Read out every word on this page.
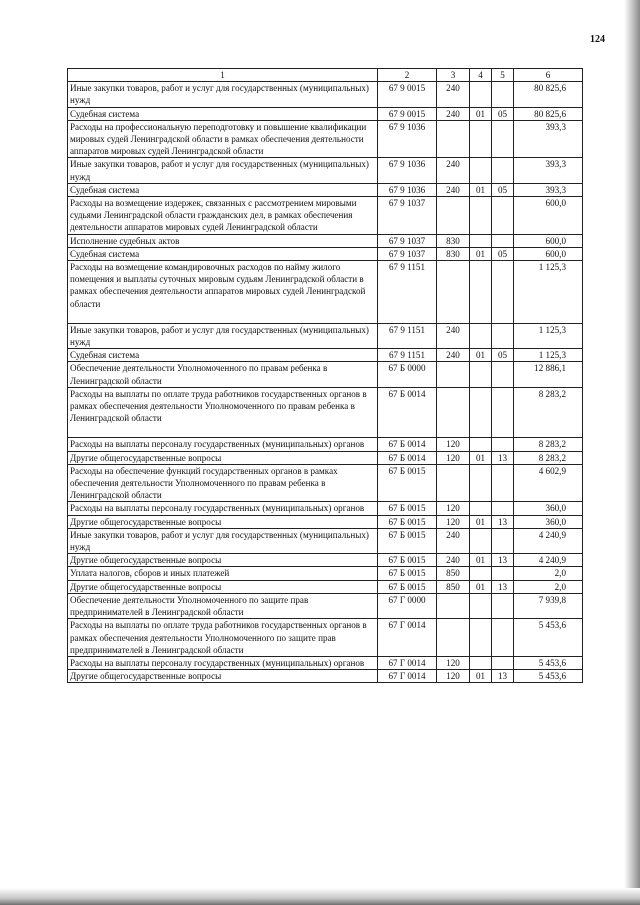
124
1	2	3	4	5	6
Иные закупки товаров, работ и услуг для государственных (муниципальных) нужд	67 9 0015	240			80 825,6
Судебная система	67 9 0015	240	01	05	80 825,6
Расходы на профессиональную переподготовку и повышение квалификации мировых судей Ленинградской области в рамках обеспечения деятельности аппаратов мировых судей Ленинградской области	67 9 1036				393,3
Иные закупки товаров, работ и услуг для государственных (муниципальных) нужд	67 9 1036	240			393,3
Судебная система	67 9 1036	240	01	05	393,3
Расходы на возмещение издержек, связанных с рассмотрением мировыми судьями Ленинградской области гражданских дел, в рамках обеспечения деятельности аппаратов мировых судей Ленинградской области	67 9 1037				600,0
Исполнение судебных актов	67 9 1037	830			600,0
Судебная система	67 9 1037	830	01	05	600,0
Расходы на возмещение командировочных расходов по найму жилого помещения и выплаты суточных мировым судьям Ленинградской области в рамках обеспечения деятельности аппаратов мировых судей Ленинградской области	67 9 1151				1 125,3
Иные закупки товаров, работ и услуг для государственных (муниципальных) нужд	67 9 1151	240			1 125,3
Судебная система	67 9 1151	240	01	05	1 125,3
Обеспечение деятельности Уполномоченного по правам ребенка в Ленинградской области	67 Б 0000				12 886,1
Расходы на выплаты по оплате труда работников государственных органов в рамках обеспечения деятельности Уполномоченного по правам ребенка в Ленинградской области	67 Б 0014				8 283,2
Расходы на выплаты персоналу государственных (муниципальных) органов	67 Б 0014	120			8 283,2
Другие общегосударственные вопросы	67 Б 0014	120	01	13	8 283,2
Расходы на обеспечение функций государственных органов в рамках обеспечения деятельности Уполномоченного по правам ребенка в Ленинградской области	67 Б 0015				4 602,9
Расходы на выплаты персоналу государственных (муниципальных) органов	67 Б 0015	120			360,0
Другие общегосударственные вопросы	67 Б 0015	120	01	13	360,0
Иные закупки товаров, работ и услуг для государственных (муниципальных) нужд	67 Б 0015	240			4 240,9
Другие общегосударственные вопросы	67 Б 0015	240	01	13	4 240,9
Уплата налогов, сборов и иных платежей	67 Б 0015	850			2,0
Другие общегосударственные вопросы	67 Б 0015	850	01	13	2,0
Обеспечение деятельности Уполномоченного по защите прав предпринимателей в Ленинградской области	67 Г 0000				7 939,8
Расходы на выплаты по оплате труда работников государственных органов в рамках обеспечения деятельности Уполномоченного по защите прав предпринимателей в Ленинградской области	67 Г 0014				5 453,6
Расходы на выплаты персоналу государственных (муниципальных) органов	67 Г 0014	120			5 453,6
Другие общегосударственные вопросы	67 Г 0014	120	01	13	5 453,6
